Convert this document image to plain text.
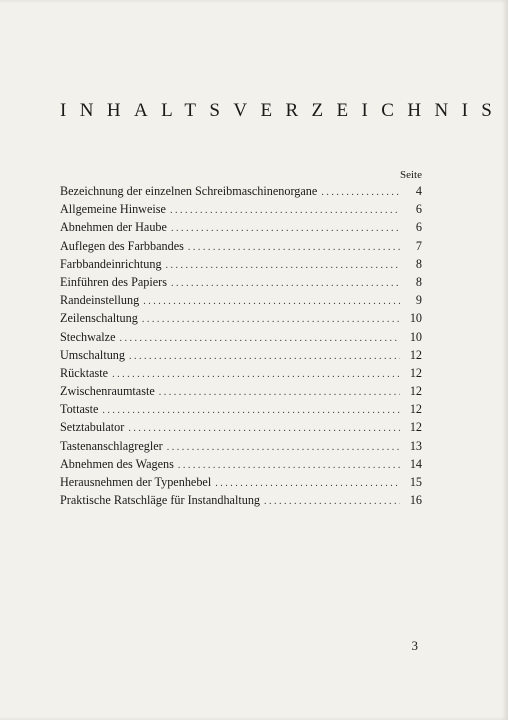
INHALTSVERZEICHNIS
Seite
Bezeichnung der einzelnen Schreibmaschinenorgane . . .	4
Allgemeine Hinweise . . .	6
Abnehmen der Haube . . .	6
Auflegen des Farbbandes . . .	7
Farbbandeinrichtung . . .	8
Einführen des Papiers . . .	8
Randeinstellung . . .	9
Zeilenschaltung . . .	10
Stechwalze . . .	10
Umschaltung . . .	12
Rücktaste . . .	12
Zwischenraumtaste . . .	12
Tottaste . . .	12
Setztabulator . . .	12
Tastenanschlagregler . . .	13
Abnehmen des Wagens . . .	14
Herausnehmen der Typenhebel . . .	15
Praktische Ratschläge für Instandhaltung . . .	16
3
